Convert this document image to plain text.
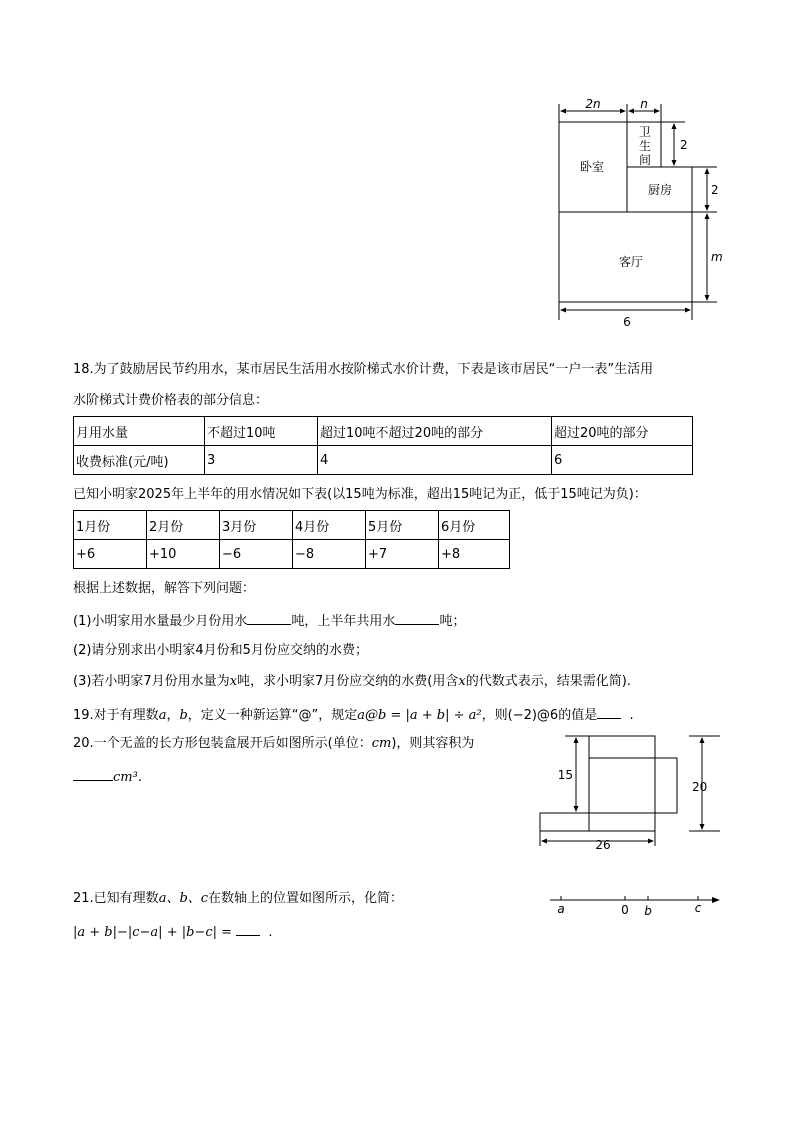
2n	n
卧室
卫
生
间
厨房
客厅
2
2
m
6
18.为了鼓励居民节约用水，某市居民生活用水按阶梯式水价计费，下表是该市居民“一户一表”生活用
水阶梯式计费价格表的部分信息：
月用水量	不超过10吨	超过10吨不超过20吨的部分	超过20吨的部分
收费标准(元/吨)	3	4	6
已知小明家2025年上半年的用水情况如下表(以15吨为标准，超出15吨记为正，低于15吨记为负)：
1月份	2月份	3月份	4月份	5月份	6月份
+6	+10	−6	−8	+7	+8
根据上述数据，解答下列问题：
(1)小明家用水量最少月份用水	吨，上半年共用水	吨；
(2)请分别求出小明家4月份和5月份应交纳的水费；
(3)若小明家7月份用水量为x吨，求小明家7月份应交纳的水费(用含x的代数式表示，结果需化简).
19.对于有理数a，b，定义一种新运算“@”，规定a@b = |a + b| ÷ a²，则(−2)@6的值是 .
20.一个无盖的长方形包装盒展开后如图所示(单位：cm)，则其容积为
cm³.	15
20
26
21.已知有理数a、b、c在数轴上的位置如图所示，化简：
|a + b|−|c−a| + |b−c| =	.
a	0 b	c
